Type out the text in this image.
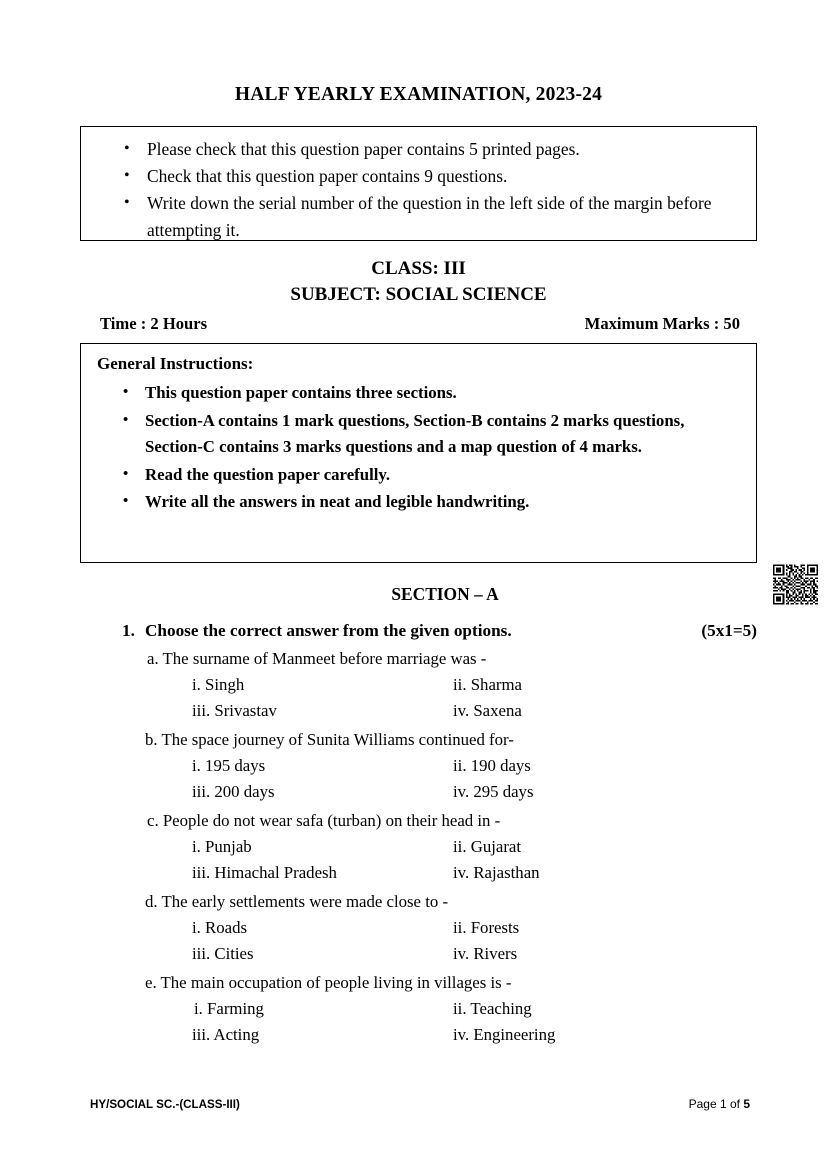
HALF YEARLY EXAMINATION, 2023-24
• Please check that this question paper contains 5 printed pages.
• Check that this question paper contains 9 questions.
• Write down the serial number of the question in the left side of the margin before attempting it.
CLASS: III
SUBJECT: SOCIAL SCIENCE
Time : 2 Hours	Maximum Marks : 50
General Instructions:
• This question paper contains three sections.
• Section-A contains 1 mark questions, Section-B contains 2 marks questions, Section-C contains 3 marks questions and a map question of 4 marks.
• Read the question paper carefully.
• Write all the answers in neat and legible handwriting.
SECTION – A
1. Choose the correct answer from the given options.	(5x1=5)
a. The surname of Manmeet before marriage was -
i. Singh	ii. Sharma
iii. Srivastav	iv. Saxena
b. The space journey of Sunita Williams continued for-
i. 195 days	ii. 190 days
iii. 200 days	iv. 295 days
c. People do not wear safa (turban) on their head in -
i. Punjab	ii. Gujarat
iii. Himachal Pradesh	iv. Rajasthan
d. The early settlements were made close to -
i. Roads	ii. Forests
iii. Cities	iv. Rivers
e. The main occupation of people living in villages is -
i. Farming	ii. Teaching
iii. Acting	iv. Engineering
HY/SOCIAL SC.-(CLASS-III)	Page 1 of 5
